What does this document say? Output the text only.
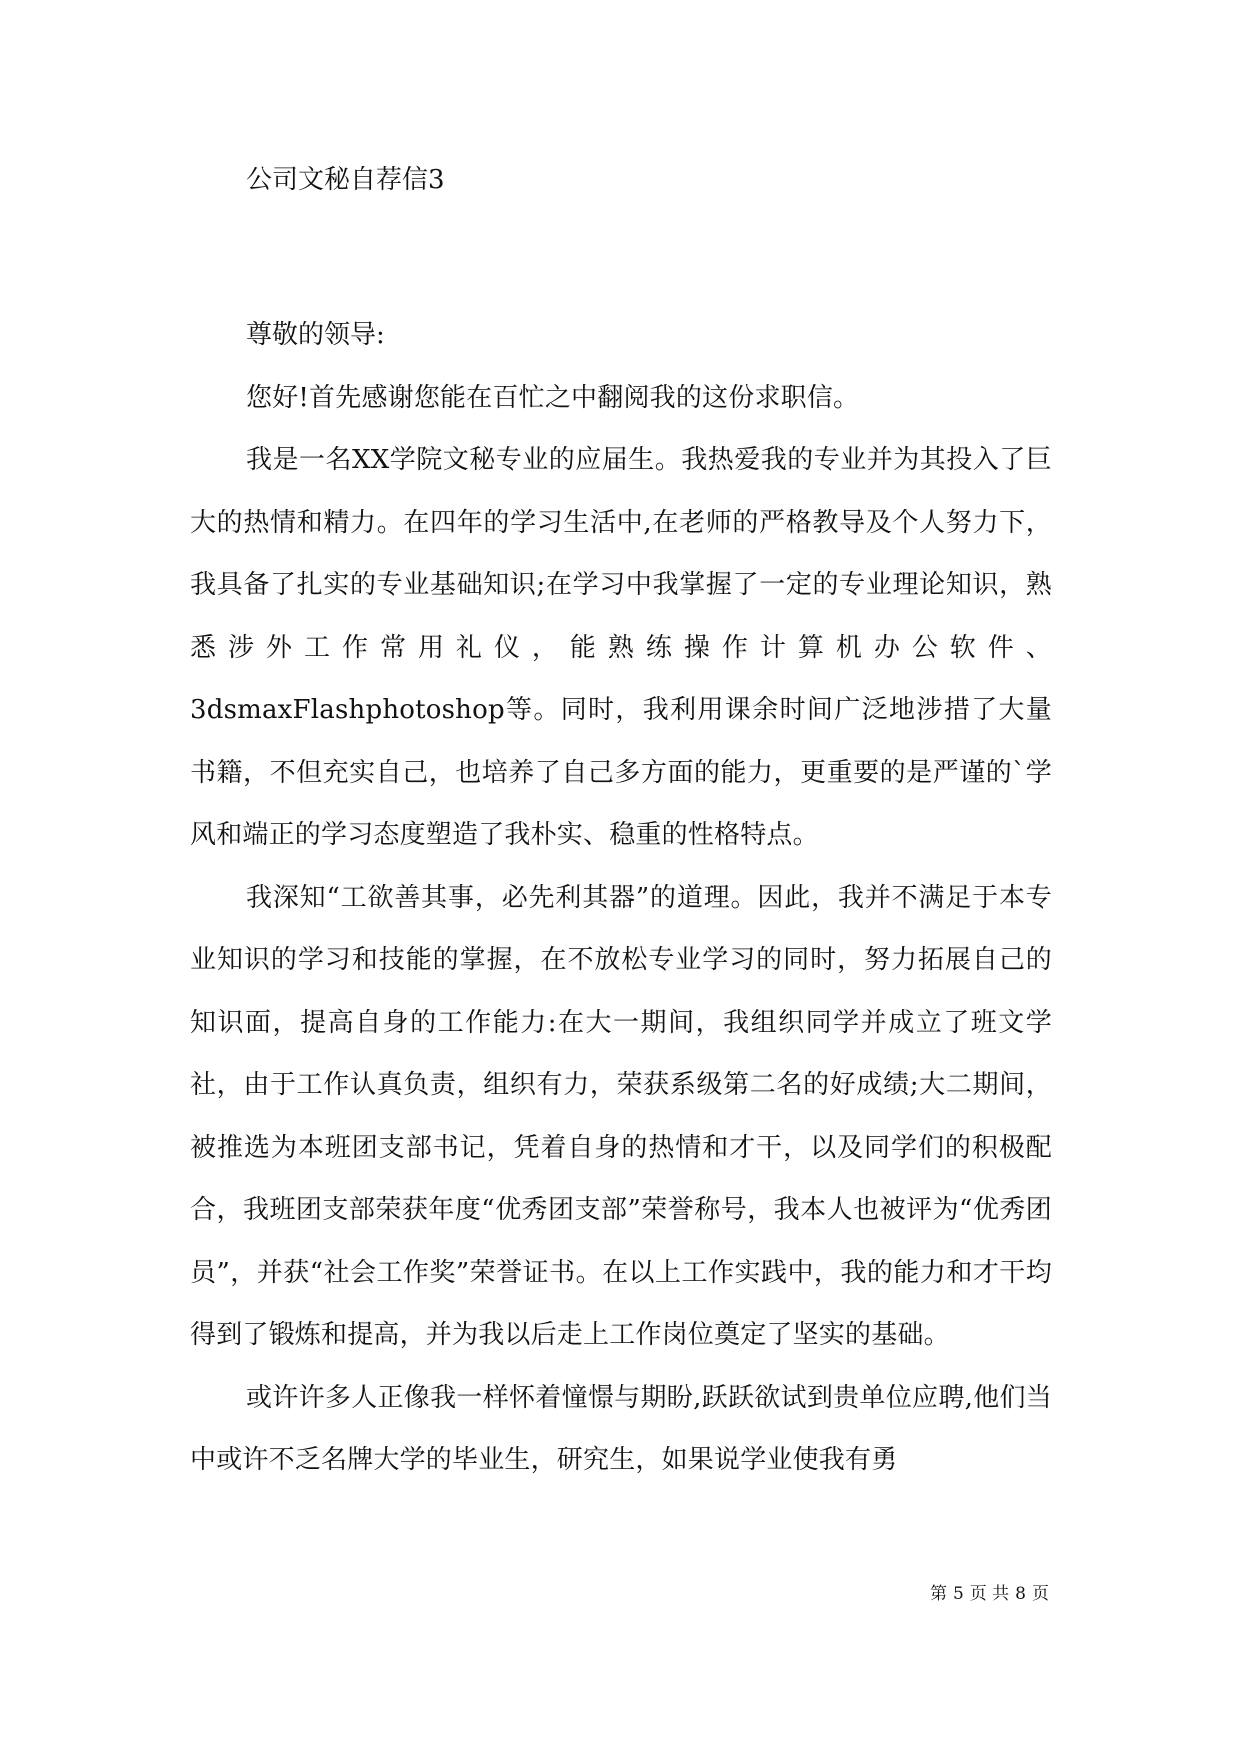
公司文秘自荐信3

尊敬的领导:

您好!首先感谢您能在百忙之中翻阅我的这份求职信。

我是一名XX学院文秘专业的应届生。我热爱我的专业并为其投入了巨大的热情和精力。在四年的学习生活中,在老师的严格教导及个人努力下，我具备了扎实的专业基础知识;在学习中我掌握了一定的专业理论知识，熟悉涉外工作常用礼仪，能熟练操作计算机办公软件、3dsmaxFlashphotoshop等。同时，我利用课余时间广泛地涉措了大量书籍，不但充实自己，也培养了自己多方面的能力，更重要的是严谨的`学风和端正的学习态度塑造了我朴实、稳重的性格特点。

我深知“工欲善其事，必先利其器”的道理。因此，我并不满足于本专业知识的学习和技能的掌握，在不放松专业学习的同时，努力拓展自己的知识面，提高自身的工作能力:在大一期间，我组织同学并成立了班文学社，由于工作认真负责，组织有力，荣获系级第二名的好成绩;大二期间，被推选为本班团支部书记，凭着自身的热情和才干，以及同学们的积极配合，我班团支部荣获年度“优秀团支部”荣誉称号，我本人也被评为“优秀团员”，并获“社会工作奖”荣誉证书。在以上工作实践中，我的能力和才干均得到了锻炼和提高，并为我以后走上工作岗位奠定了坚实的基础。

或许许多人正像我一样怀着憧憬与期盼,跃跃欲试到贵单位应聘,他们当中或许不乏名牌大学的毕业生，研究生，如果说学业使我有勇

第 5 页 共 8 页
